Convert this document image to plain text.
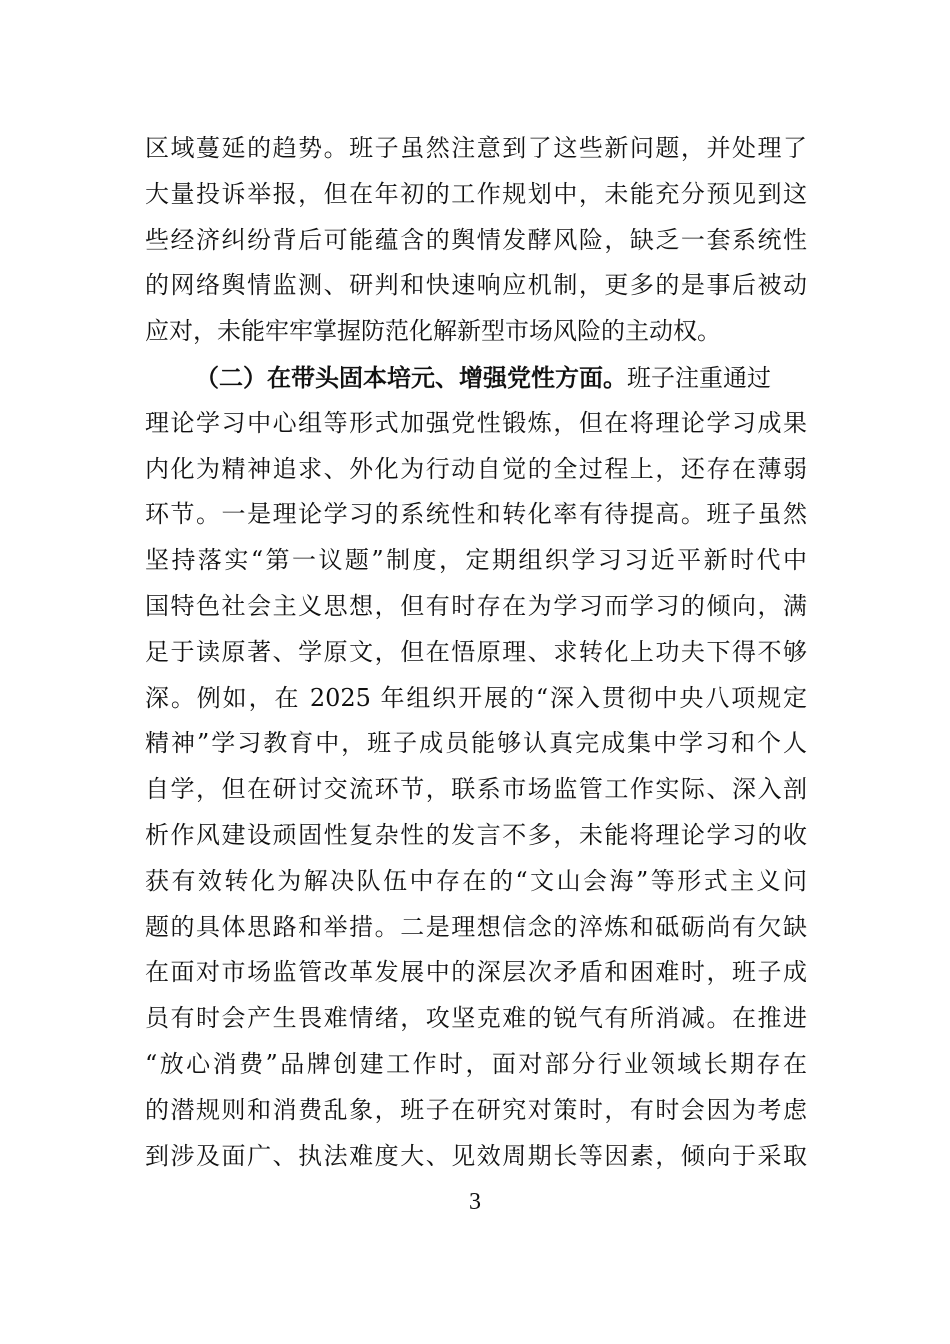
区域蔓延的趋势。班子虽然注意到了这些新问题，并处理了
大量投诉举报，但在年初的工作规划中，未能充分预见到这
些经济纠纷背后可能蕴含的舆情发酵风险，缺乏一套系统性
的网络舆情监测、研判和快速响应机制，更多的是事后被动
应对，未能牢牢掌握防范化解新型市场风险的主动权。
（二）在带头固本培元、增强党性方面。班子注重通过
理论学习中心组等形式加强党性锻炼，但在将理论学习成果
内化为精神追求、外化为行动自觉的全过程上，还存在薄弱
环节。一是理论学习的系统性和转化率有待提高。班子虽然
坚持落实“第一议题”制度，定期组织学习习近平新时代中
国特色社会主义思想，但有时存在为学习而学习的倾向，满
足于读原著、学原文，但在悟原理、求转化上功夫下得不够
深。例如，在 2025 年组织开展的“深入贯彻中央八项规定
精神”学习教育中，班子成员能够认真完成集中学习和个人
自学，但在研讨交流环节，联系市场监管工作实际、深入剖
析作风建设顽固性复杂性的发言不多，未能将理论学习的收
获有效转化为解决队伍中存在的“文山会海”等形式主义问
题的具体思路和举措。二是理想信念的淬炼和砥砺尚有欠缺
在面对市场监管改革发展中的深层次矛盾和困难时，班子成
员有时会产生畏难情绪，攻坚克难的锐气有所消减。在推进
“放心消费”品牌创建工作时，面对部分行业领域长期存在
的潜规则和消费乱象，班子在研究对策时，有时会因为考虑
到涉及面广、执法难度大、见效周期长等因素，倾向于采取
3
